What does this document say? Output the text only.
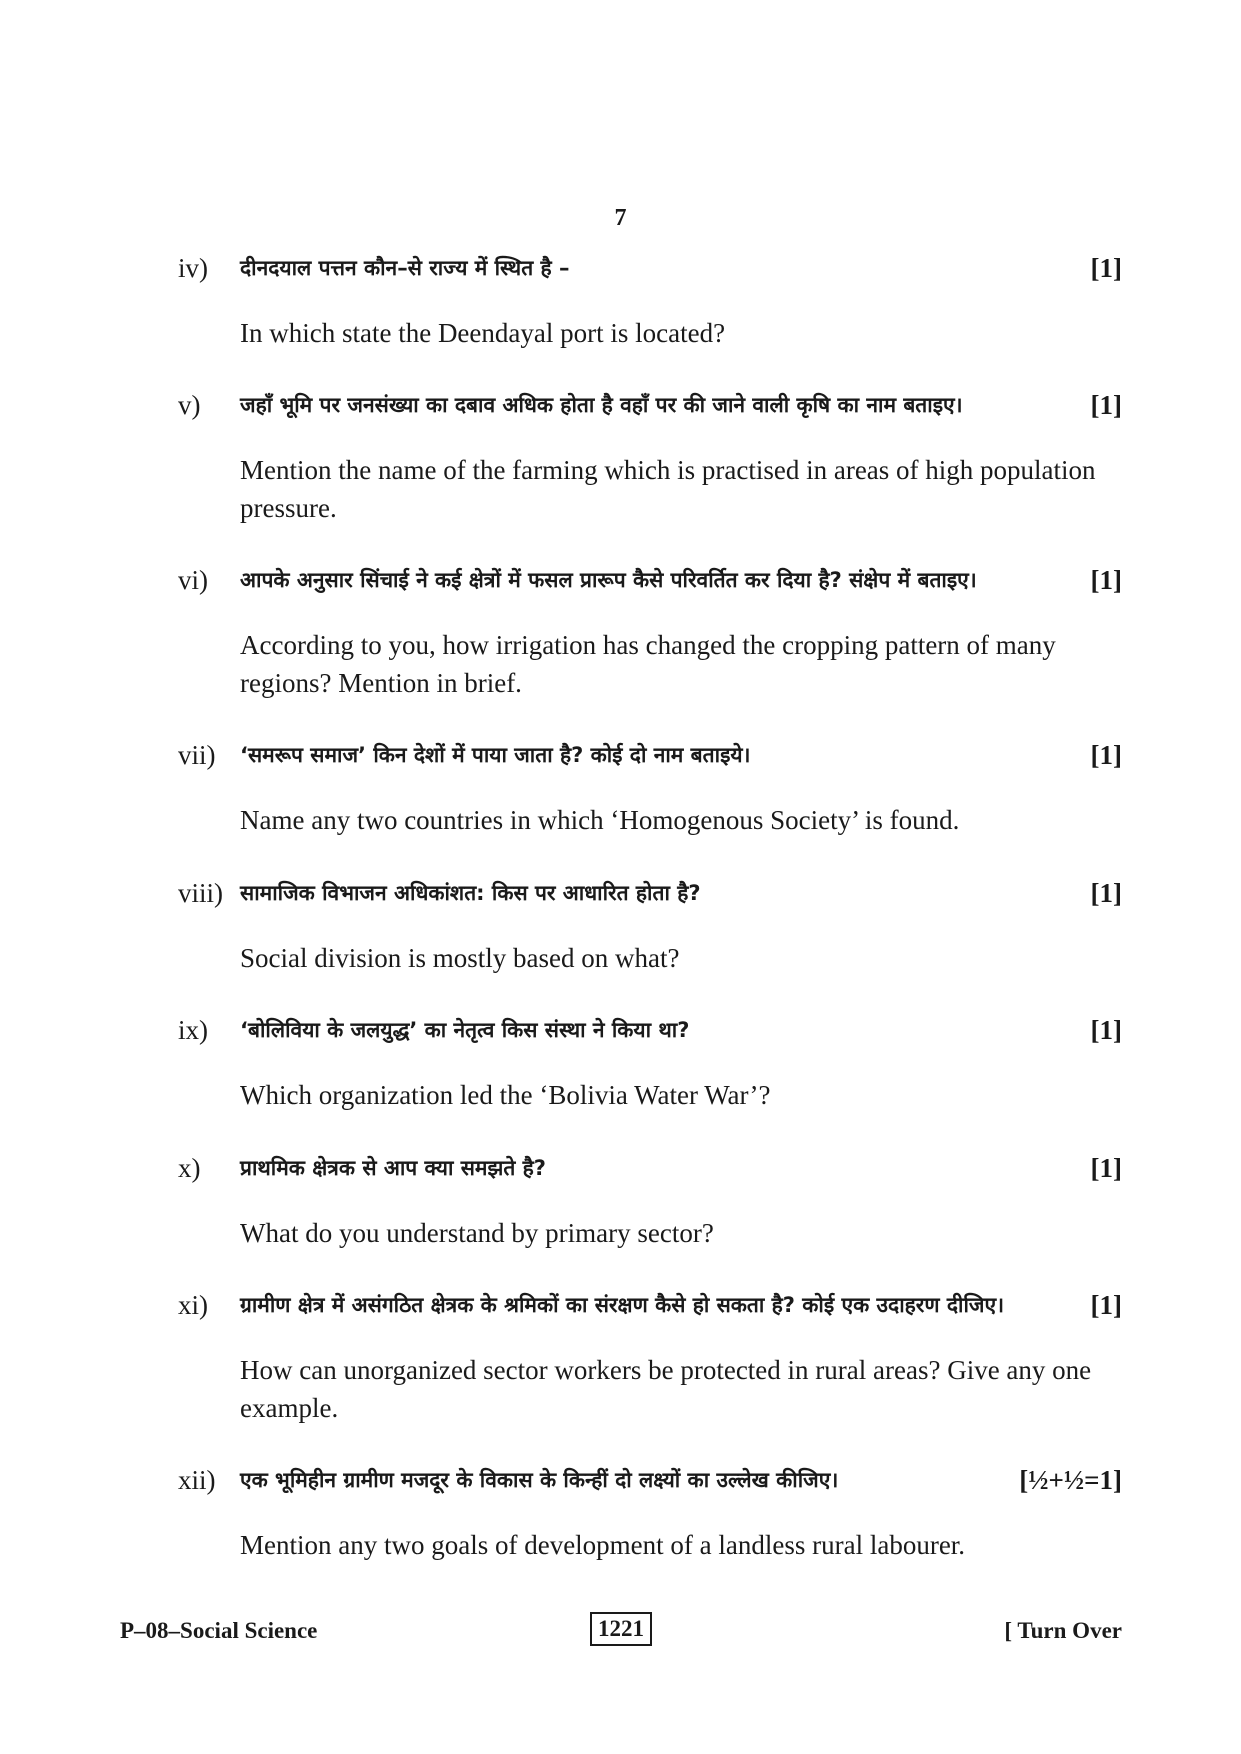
7
iv) दीनदयाल पत्तन कौन–से राज्य में स्थित है –	[1]
In which state the Deendayal port is located?
v) जहाँ भूमि पर जनसंख्या का दबाव अधिक होता है वहाँ पर की जाने वाली कृषि का नाम बताइए।	[1]
Mention the name of the farming which is practised in areas of high population pressure.
vi) आपके अनुसार सिंचाई ने कई क्षेत्रों में फसल प्रारूप कैसे परिवर्तित कर दिया है? संक्षेप में बताइए।	[1]
According to you, how irrigation has changed the cropping pattern of many regions? Mention in brief.
vii) ‘समरूप समाज’ किन देशों में पाया जाता है? कोई दो नाम बताइये।	[1]
Name any two countries in which ‘Homogenous Society’ is found.
viii) सामाजिक विभाजन अधिकांशत: किस पर आधारित होता है?	[1]
Social division is mostly based on what?
ix) ‘बोलिविया के जलयुद्ध’ का नेतृत्व किस संस्था ने किया था?	[1]
Which organization led the ‘Bolivia Water War’?
x) प्राथमिक क्षेत्रक से आप क्या समझते है?	[1]
What do you understand by primary sector?
xi) ग्रामीण क्षेत्र में असंगठित क्षेत्रक के श्रमिकों का संरक्षण कैसे हो सकता है? कोई एक उदाहरण दीजिए।	[1]
How can unorganized sector workers be protected in rural areas? Give any one example.
xii) एक भूमिहीन ग्रामीण मजदूर के विकास के किन्हीं दो लक्ष्यों का उल्लेख कीजिए।	[½+½=1]
Mention any two goals of development of a landless rural labourer.
P–08–Social Science	1221	[ Turn Over
